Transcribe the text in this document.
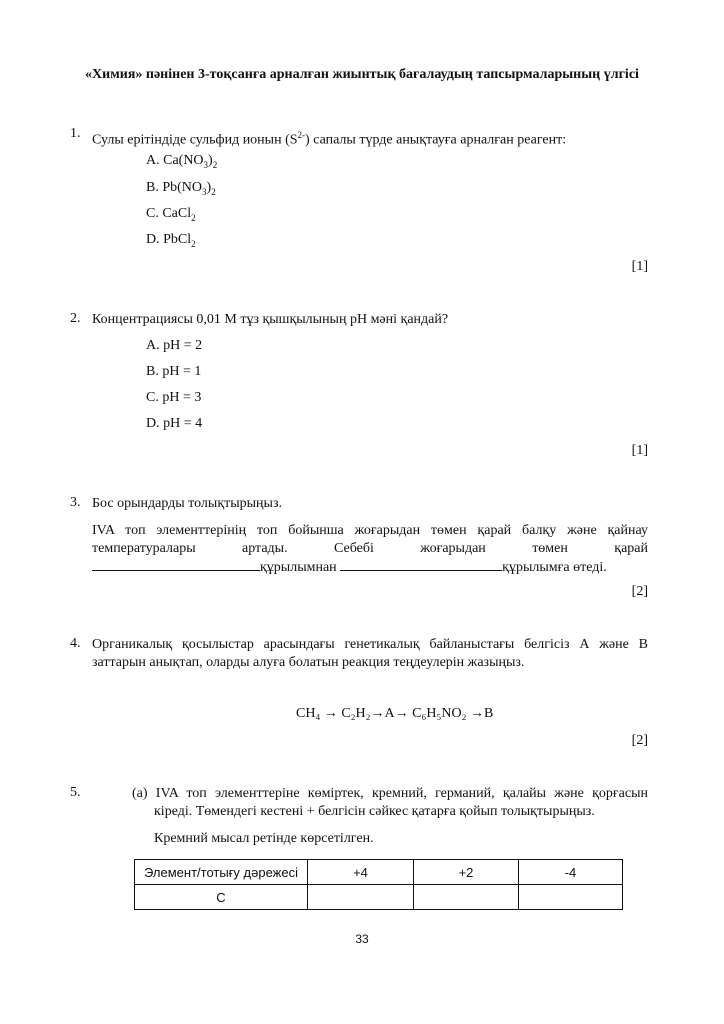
«Химия» пәнінен 3-тоқсанға арналған жиынтық бағалаудың тапсырмаларының үлгісі
1. Сулы ерітіндіде сульфид ионын $(S^{2-})$ сапалы түрде анықтауға арналған реагент:
A. $Ca(NO_3)_2$
B. $Pb(NO_3)_2$
C. CaCl$_2$
D. PbCl$_2$
[1]
2. Концентрациясы 0,01 М тұз қышқылының pH мәні қандай?
A. pH = 2
B. pH = 1
C. pH = 3
D. pH = 4
[1]
3. Бос орындарды толықтырыңыз.
IVA топ элементтерінің топ бойынша жоғарыдан төмен қарай балқу және қайнау
температуралары артады. Себебі жоғарыдан төмен қарай
құрылымнан	құрылымға өтеді.
[2]
4. Органикалық қосылыстар арасындағы генетикалық байланыстағы белгісіз А және В
заттарын анықтап, оларды алуға болатын реакция теңдеулерін жазыңыз.
CH₄ → C₂H₂→A→ C₆H₅NO₂ →B
[2]
5.	(a) IVA топ элементтеріне көміртек, кремний, германий, қалайы және қорғасын
кіреді. Төмендегі кестені + белгісін сәйкес қатарға қойып толықтырыңыз.
Кремний мысал ретінде көрсетілген.
Элемент/тотығу дәрежесі	+4	+2	-4
C			
33
